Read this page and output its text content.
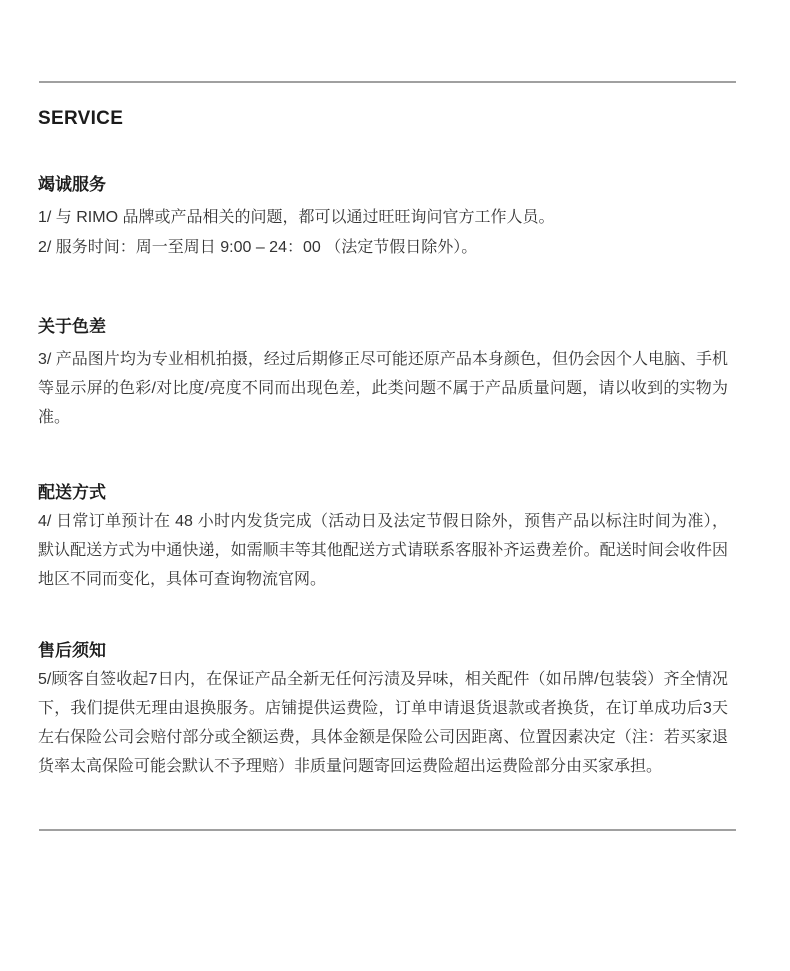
SERVICE
竭诚服务

1/ 与 RIMO 品牌或产品相关的问题，都可以通过旺旺询问官方工作人员。

2/ 服务时间：周一至周日 9:00 – 24：00 （法定节假日除外）。

关于色差

3/ 产品图片均为专业相机拍摄，经过后期修正尽可能还原产品本身颜色，但仍会因个人电脑、手机等显示屏的色彩/对比度/亮度不同而出现色差，此类问题不属于产品质量问题，请以收到的实物为准。

配送方式

4/ 日常订单预计在 48 小时内发货完成（活动日及法定节假日除外，预售产品以标注时间为准），默认配送方式为中通快递，如需顺丰等其他配送方式请联系客服补齐运费差价。配送时间会收件因地区不同而变化，具体可查询物流官网。

售后须知

5/顾客自签收起7日内，在保证产品全新无任何污渍及异味，相关配件（如吊牌/包装袋）齐全情况下，我们提供无理由退换服务。店铺提供运费险，订单申请退货退款或者换货，在订单成功后3天左右保险公司会赔付部分或全额运费，具体金额是保险公司因距离、位置因素决定（注：若买家退货率太高保险可能会默认不予理赔）非质量问题寄回运费险超出运费险部分由买家承担。
